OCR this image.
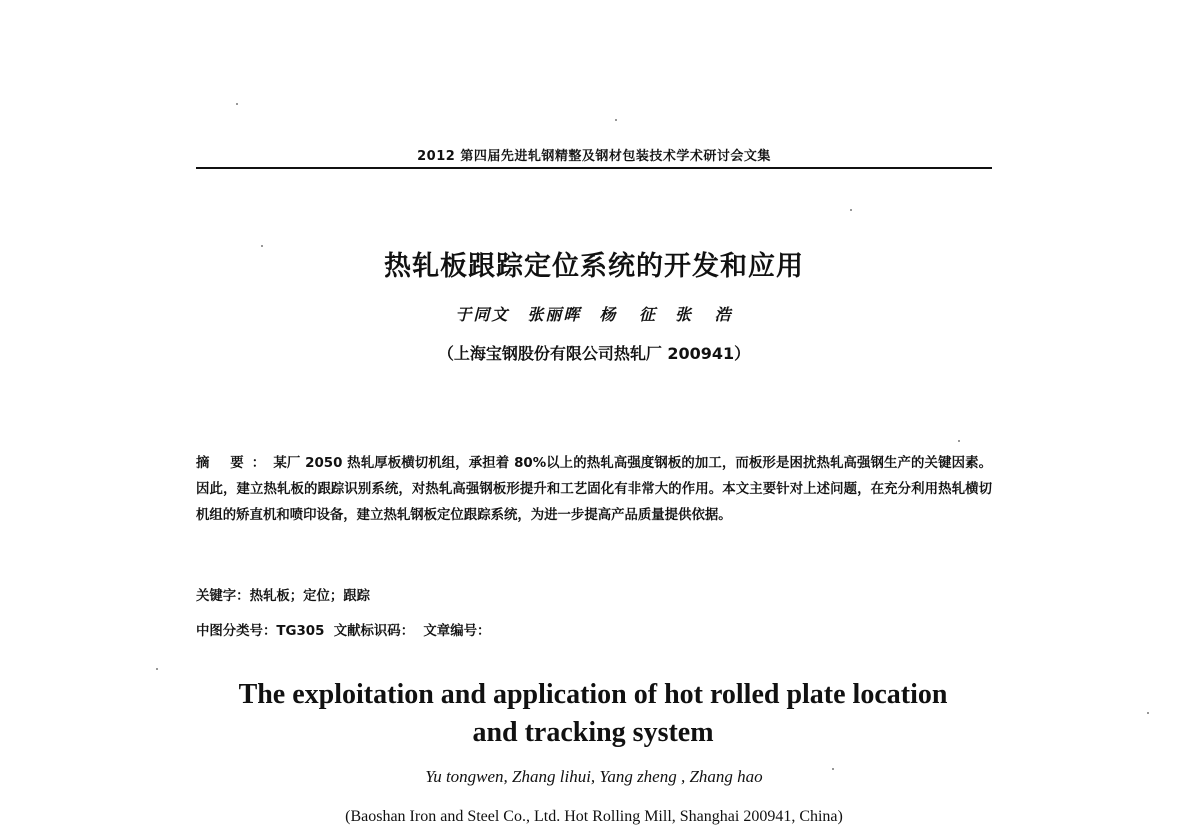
2012 第四届先进轧钢精整及钢材包装技术学术研讨会文集
热轧板跟踪定位系统的开发和应用
于同文　张丽晖　杨 征　张 浩
（上海宝钢股份有限公司热轧厂 200941）
摘 要：某厂 2050 热轧厚板横切机组，承担着 80%以上的热轧高强度钢板的加工，而板形是困扰热轧高强钢生产的关键因素。因此，建立热轧板的跟踪识别系统，对热轧高强钢板形提升和工艺固化有非常大的作用。本文主要针对上述问题，在充分利用热轧横切机组的矫直机和喷印设备，建立热轧钢板定位跟踪系统，为进一步提高产品质量提供依据。
关键字：热轧板；定位；跟踪
中图分类号：TG305 文献标识码： 文章编号：
The exploitation and application of hot rolled plate location
and tracking system
Yu tongwen, Zhang lihui, Yang zheng , Zhang hao
(Baoshan Iron and Steel Co., Ltd. Hot Rolling Mill, Shanghai 200941, China)
